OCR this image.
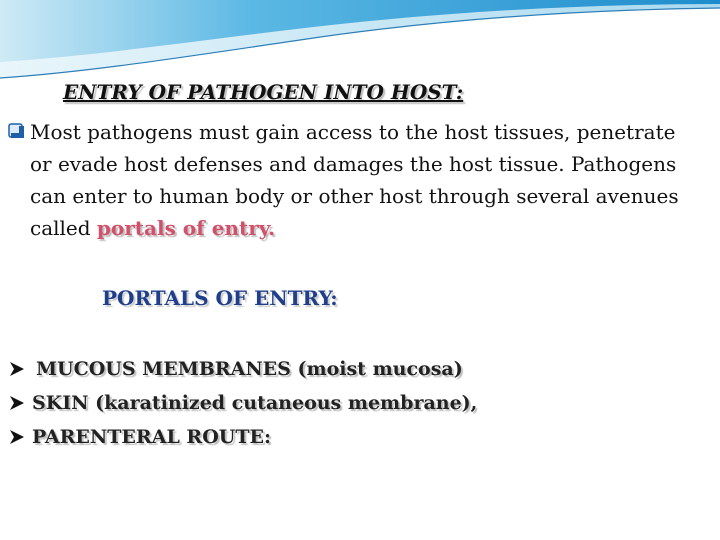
ENTRY OF PATHOGEN INTO HOST:
Most pathogens must gain access to the host tissues, penetrate or evade host defenses and damages the host tissue. Pathogens can enter to human body or other host through several avenues called portals of entry.
PORTALS OF ENTRY:
MUCOUS MEMBRANES (moist mucosa)
SKIN (karatinized cutaneous membrane),
PARENTERAL ROUTE:
